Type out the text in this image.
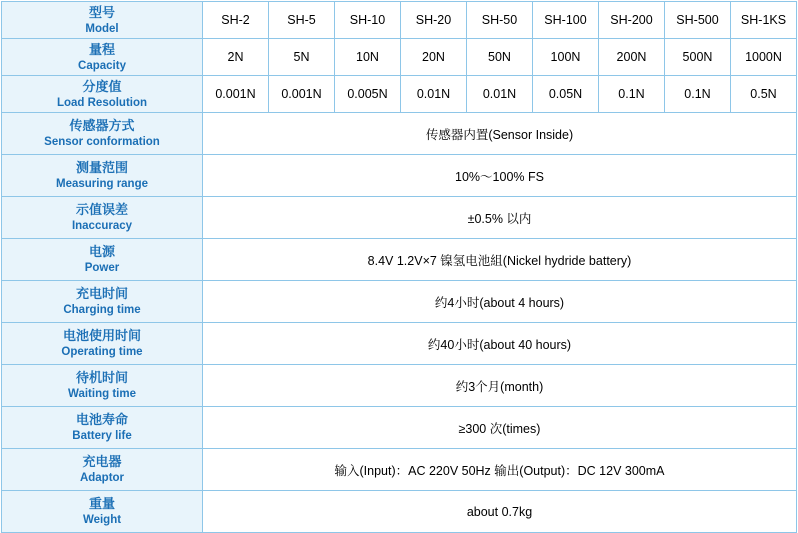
型号
Model	SH-2	SH-5	SH-10	SH-20	SH-50	SH-100	SH-200	SH-500	SH-1KS

量程
Capacity	2N	5N	10N	20N	50N	100N	200N	500N	1000N

分度值
Load Resolution	0.001N	0.001N	0.005N	0.01N	0.01N	0.05N	0.1N	0.1N	0.5N

传感器方式
Sensor conformation	传感器内置(Sensor Inside)								

测量范围
Measuring range	10%～100% FS								

示值误差
Inaccuracy	±0.5% 以内								

电源
Power	8.4V 1.2V×7 镍氢电池組(Nickel hydride battery)								

充电时间
Charging time	约4小时(about 4 hours)								

电池使用时间
Operating time	约40小时(about 40 hours)								

待机时间
Waiting time	约3个月(month)								

电池寿命
Battery life	≥300 次(times)								

充电器
Adaptor	输入(Input)：AC 220V 50Hz 输出(Output)：DC 12V 300mA								

重量
Weight	about 0.7kg								
